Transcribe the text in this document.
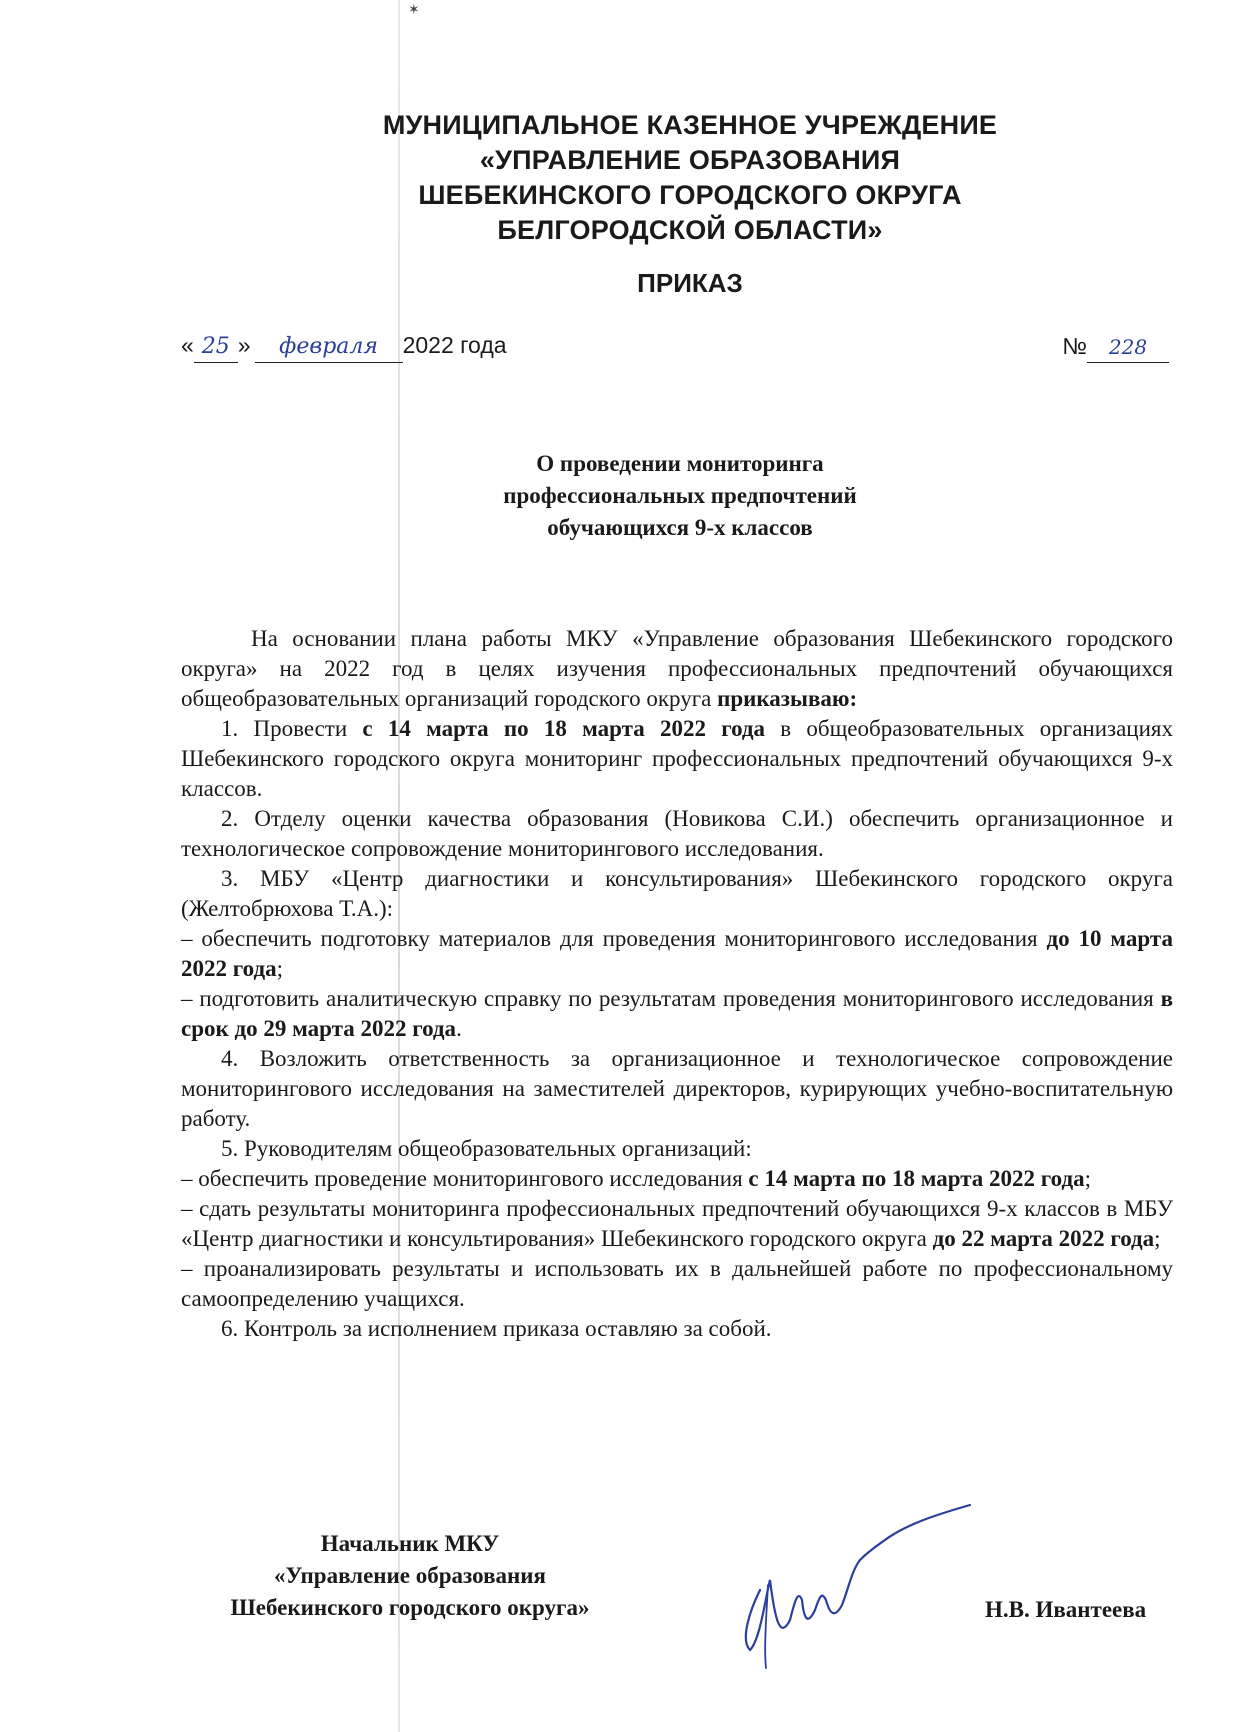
✶
МУНИЦИПАЛЬНОЕ КАЗЕННОЕ УЧРЕЖДЕНИЕ
«УПРАВЛЕНИЕ ОБРАЗОВАНИЯ
ШЕБЕКИНСКОГО ГОРОДСКОГО ОКРУГА
БЕЛГОРОДСКОЙ ОБЛАСТИ»
ПРИКАЗ
« 25 » февраля 2022 года	№ 228
О проведении мониторинга
профессиональных предпочтений
обучающихся 9-х классов

На основании плана работы МКУ «Управление образования Шебекинского городского округа» на 2022 год в целях изучения профессиональных предпочтений обучающихся общеобразовательных организаций городского округа приказываю:

1. Провести с 14 марта по 18 марта 2022 года в общеобразовательных организациях Шебекинского городского округа мониторинг профессиональных предпочтений обучающихся 9-х классов.

2. Отделу оценки качества образования (Новикова С.И.) обеспечить организационное и технологическое сопровождение мониторингового исследования.

3. МБУ «Центр диагностики и консультирования» Шебекинского городского округа (Желтобрюхова Т.А.):

– обеспечить подготовку материалов для проведения мониторингового исследования до 10 марта 2022 года;

– подготовить аналитическую справку по результатам проведения мониторингового исследования в срок до 29 марта 2022 года.

4. Возложить ответственность за организационное и технологическое сопровождение мониторингового исследования на заместителей директоров, курирующих учебно-воспитательную работу.

5. Руководителям общеобразовательных организаций:

– обеспечить проведение мониторингового исследования с 14 марта по 18 марта 2022 года;

– сдать результаты мониторинга профессиональных предпочтений обучающихся 9-х классов в МБУ «Центр диагностики и консультирования» Шебекинского городского округа до 22 марта 2022 года;

– проанализировать результаты и использовать их в дальнейшей работе по профессиональному самоопределению учащихся.

6. Контроль за исполнением приказа оставляю за собой.

Начальник МКУ
«Управление образования
Шебекинского городского округа»	Н.В. Ивантеева
